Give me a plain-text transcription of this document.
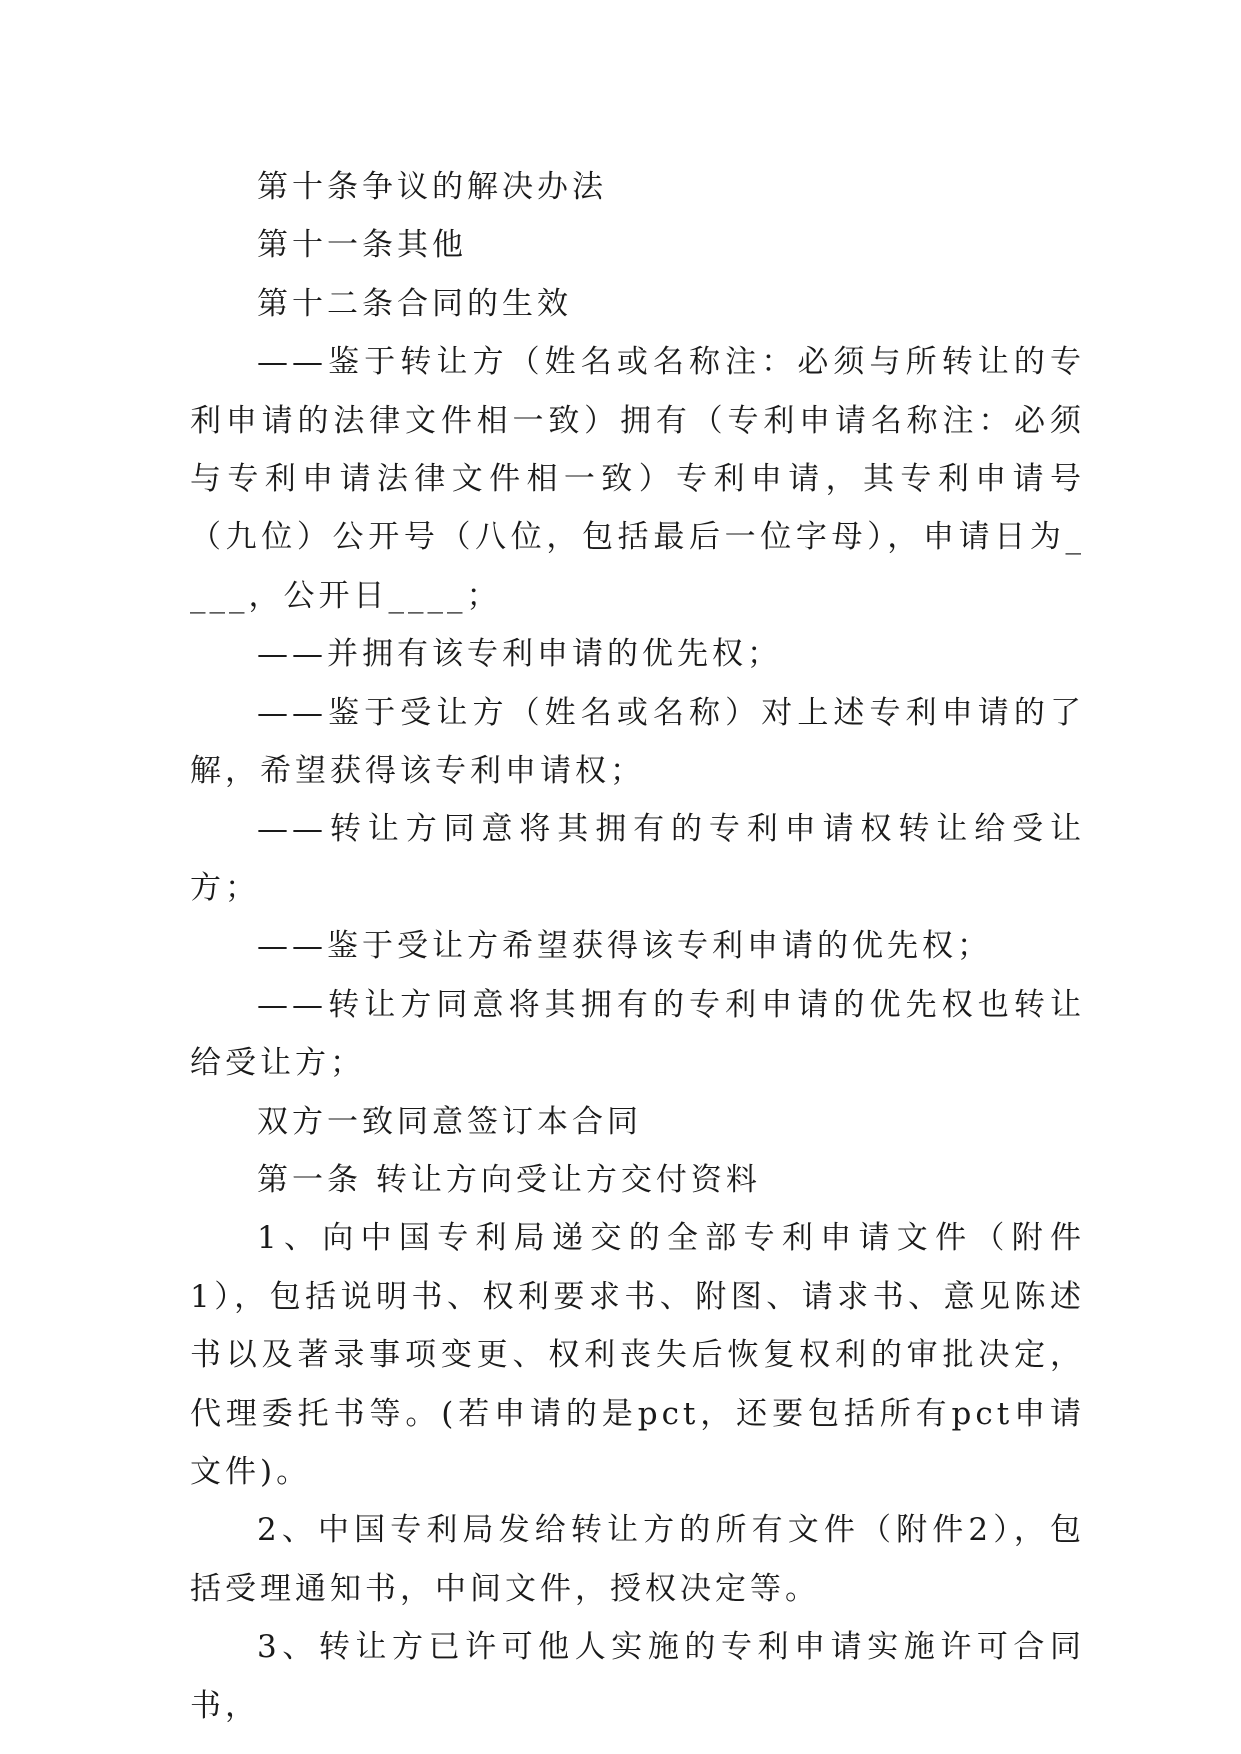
第十条争议的解决办法

第十一条其他

第十二条合同的生效

——鉴于转让方（姓名或名称注：必须与所转让的专利申请的法律文件相一致）拥有（专利申请名称注：必须与专利申请法律文件相一致）专利申请，其专利申请号（九位）公开号（八位，包括最后一位字母），申请日为____，公开日____；

——并拥有该专利申请的优先权；

——鉴于受让方（姓名或名称）对上述专利申请的了解，希望获得该专利申请权；

——转让方同意将其拥有的专利申请权转让给受让方；

——鉴于受让方希望获得该专利申请的优先权；

——转让方同意将其拥有的专利申请的优先权也转让给受让方；

双方一致同意签订本合同

第一条 转让方向受让方交付资料

1、向中国专利局递交的全部专利申请文件（附件1），包括说明书、权利要求书、附图、请求书、意见陈述书以及著录事项变更、权利丧失后恢复权利的审批决定，代理委托书等。(若申请的是pct，还要包括所有pct申请文件)。

2、中国专利局发给转让方的所有文件（附件2），包括受理通知书，中间文件，授权决定等。

3、转让方已许可他人实施的专利申请实施许可合同书，
